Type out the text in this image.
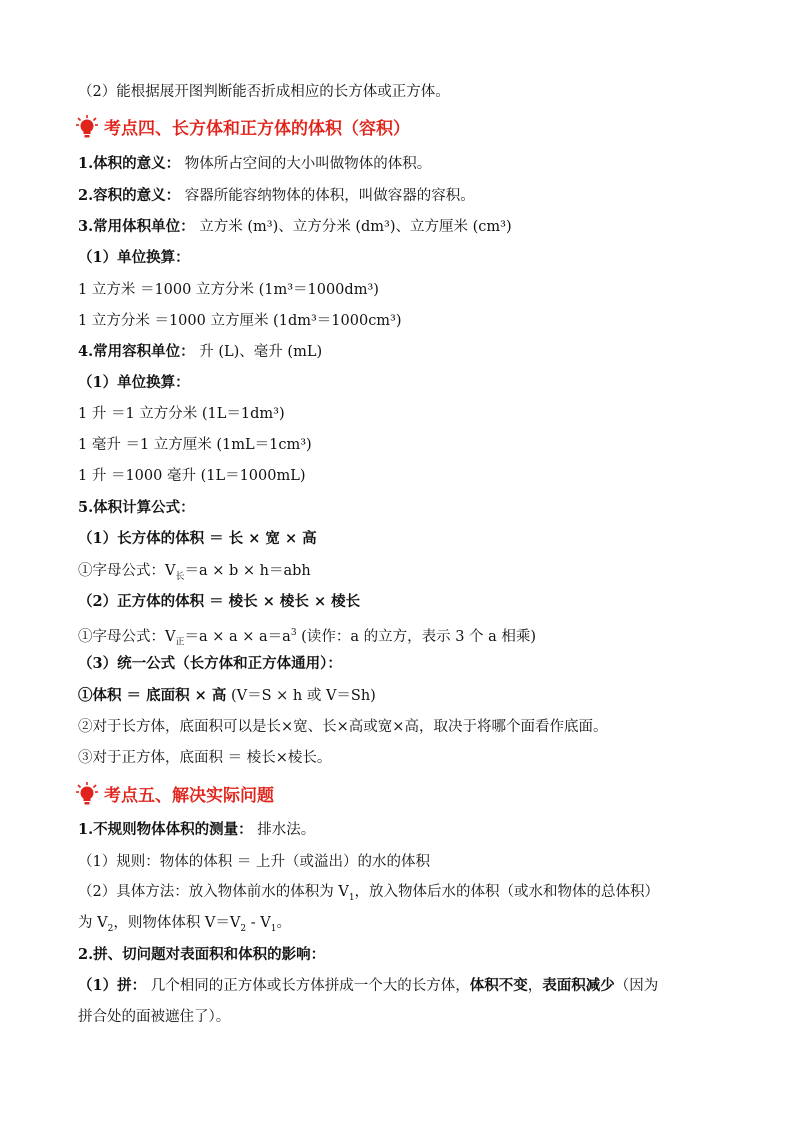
（2）能根据展开图判断能否折成相应的长方体或正方体。
考点四、长方体和正方体的体积（容积）
1.体积的意义： 物体所占空间的大小叫做物体的体积。
2.容积的意义： 容器所能容纳物体的体积，叫做容器的容积。
3.常用体积单位： 立方米 (m³)、立方分米 (dm³)、立方厘米 (cm³)
（1）单位换算：
1 立方米 ＝1000 立方分米 (1m³＝1000dm³)
1 立方分米 ＝1000 立方厘米 (1dm³＝1000cm³)
4.常用容积单位： 升 (L)、毫升 (mL)
（1）单位换算：
1 升 ＝1 立方分米 (1L＝1dm³)
1 毫升 ＝1 立方厘米 (1mL＝1cm³)
1 升 ＝1000 毫升 (1L＝1000mL)
5.体积计算公式：
（1）长方体的体积 ＝ 长 × 宽 × 高
①字母公式：$V_长=a \times b \times h=abh$
（2）正方体的体积 ＝ 棱长 × 棱长 × 棱长
①字母公式：$V_正=a \times a \times a=a^3$ (读作：a 的立方，表示 3 个 a 相乘)
（3）统一公式（长方体和正方体通用）：
①体积 ＝ 底面积 × 高 (V＝S × h 或 V＝Sh)
②对于长方体，底面积可以是长×宽、长×高或宽×高，取决于将哪个面看作底面。
③对于正方体，底面积 ＝ 棱长×棱长。
考点五、解决实际问题
1.不规则物体体积的测量： 排水法。
（1）规则：物体的体积 ＝ 上升（或溢出）的水的体积
（2）具体方法：放入物体前水的体积为 $V_1$，放入物体后水的体积（或水和物体的总体积）
为 $V_2$，则物体体积 $V=V_2 - V_1$。
2.拼、切问题对表面积和体积的影响：
（1）拼： 几个相同的正方体或长方体拼成一个大的长方体，体积不变，表面积减少（因为
拼合处的面被遮住了）。
